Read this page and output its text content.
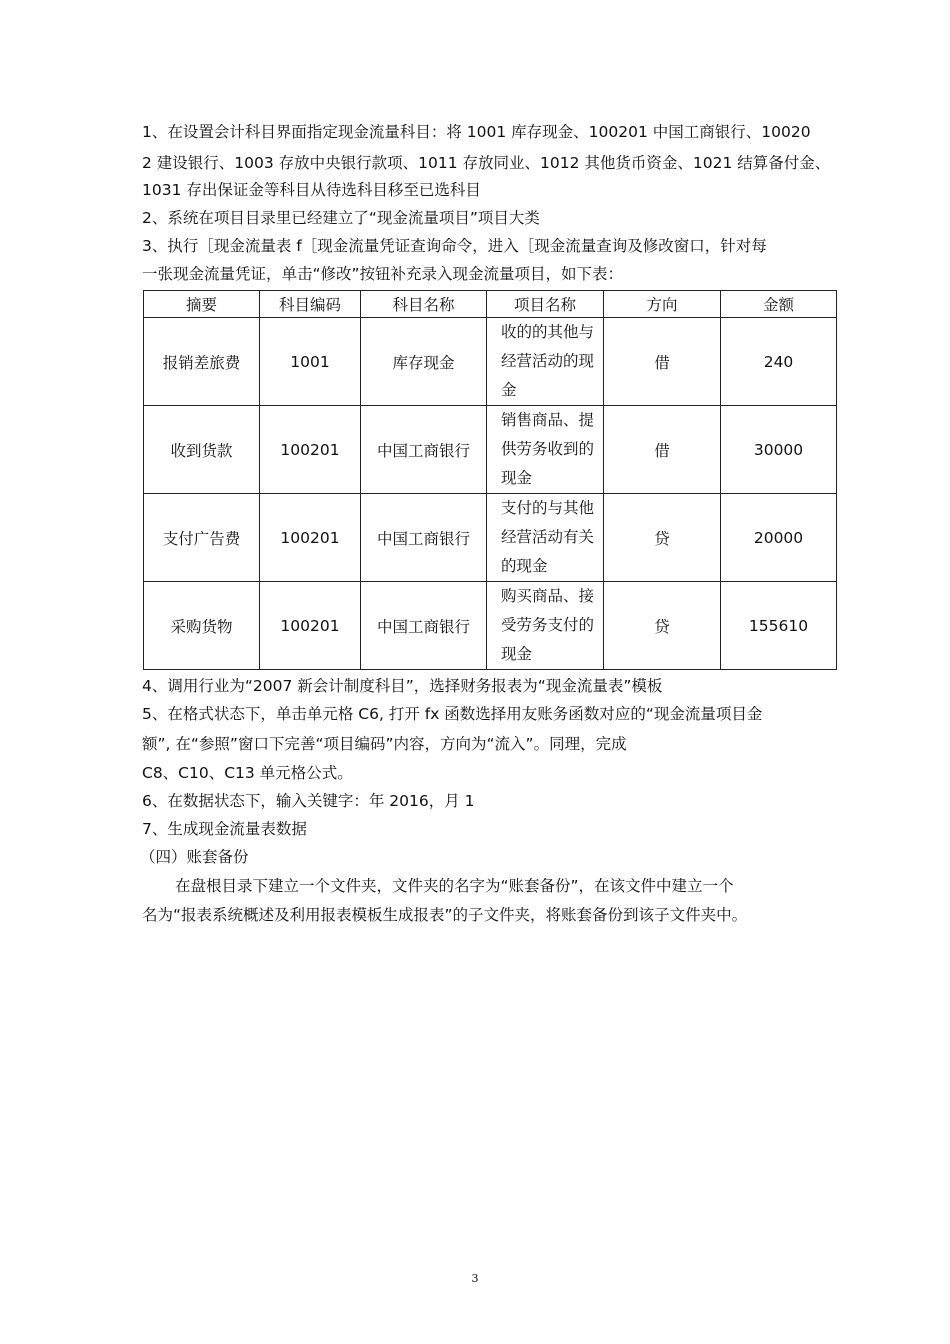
1、在设置会计科目界面指定现金流量科目：将 1001 库存现金、100201 中国工商银行、10020
2 建设银行、1003 存放中央银行款项、1011 存放同业、1012 其他货币资金、1021 结算备付金、
1031 存出保证金等科目从待选科目移至已选科目
2、系统在项目目录里已经建立了“现金流量项目”项目大类
3、执行［现金流量表 f［现金流量凭证查询命令，进入［现金流量查询及修改窗口，针对每
一张现金流量凭证，单击“修改”按钮补充录入现金流量项目，如下表：
摘要	科目编码	科目名称	项目名称	方向	金额
报销差旅费	1001	库存现金	收的的其他与经营活动的现金	借	240
收到货款	100201	中国工商银行	销售商品、提供劳务收到的现金	借	30000
支付广告费	100201	中国工商银行	支付的与其他经营活动有关的现金	贷	20000
采购货物	100201	中国工商银行	购买商品、接受劳务支付的现金	贷	155610
4、调用行业为“2007 新会计制度科目”，选择财务报表为“现金流量表”模板
5、在格式状态下，单击单元格 C6, 打开 fx 函数选择用友账务函数对应的“现金流量项目金
额”, 在“参照”窗口下完善“项目编码”内容，方向为“流入”。同理，完成
C8、C10、C13 单元格公式。
6、在数据状态下，输入关键字：年 2016，月 1
7、生成现金流量表数据
（四）账套备份
在盘根目录下建立一个文件夹，文件夹的名字为“账套备份”，在该文件中建立一个
名为“报表系统概述及利用报表模板生成报表”的子文件夹，将账套备份到该子文件夹中。
3
